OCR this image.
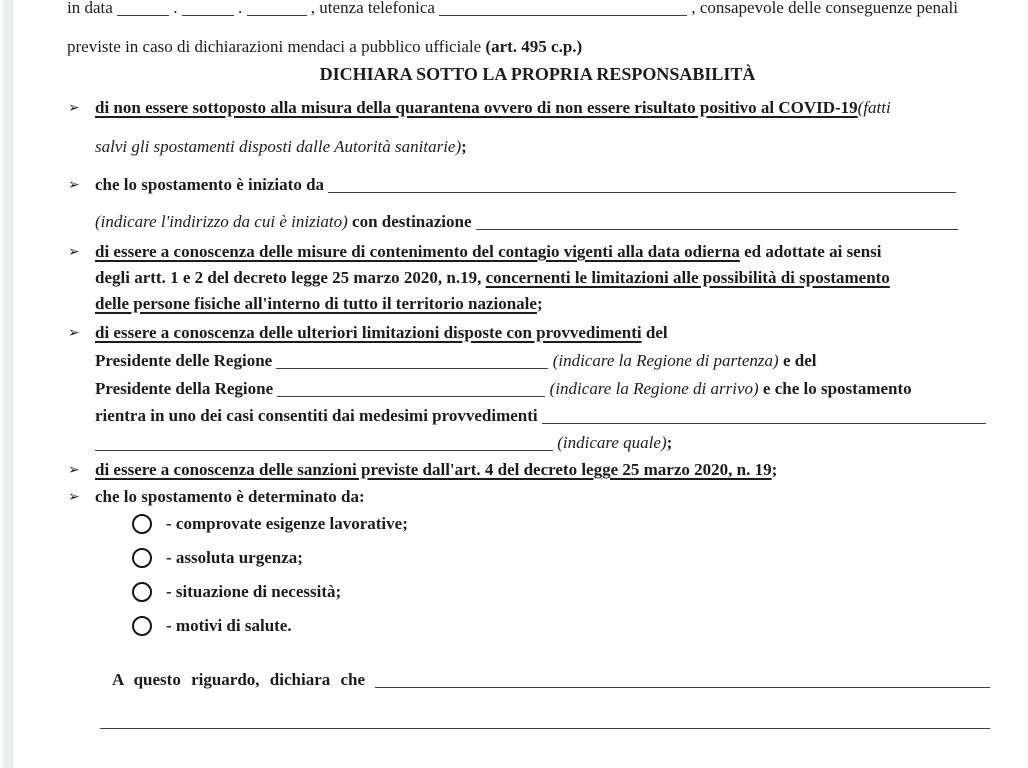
in data	.	.	, utenza telefonica	, consapevole delle conseguenze penali
previste in caso di dichiarazioni mendaci a pubblico ufficiale (art. 495 c.p.)
DICHIARA SOTTO LA PROPRIA RESPONSABILITÀ
➢ di non essere sottoposto alla misura della quarantena ovvero di non essere risultato positivo al COVID-19 (fatti
salvi gli spostamenti disposti dalle Autorità sanitarie) ;
➢ che lo spostamento è iniziato da
(indicare l'indirizzo da cui è iniziato) con destinazione
➢ di essere a conoscenza delle misure di contenimento del contagio vigenti alla data odierna ed adottate ai sensi
degli artt. 1 e 2 del decreto legge 25 marzo 2020, n.19, concernenti le limitazioni alle possibilità di spostamento
delle persone fisiche all'interno di tutto il territorio nazionale ;
➢ di essere a conoscenza delle ulteriori limitazioni disposte con provvedimenti del
Presidente delle Regione	(indicare la Regione di partenza) e del
Presidente della Regione	(indicare la Regione di arrivo) e che lo spostamento
rientra in uno dei casi consentiti dai medesimi provvedimenti
(indicare quale) ;
➢ di essere a conoscenza delle sanzioni previste dall'art. 4 del decreto legge 25 marzo 2020, n. 19 ;
➢ che lo spostamento è determinato da:
- comprovate esigenze lavorative;
- assoluta urgenza;
- situazione di necessità;
- motivi di salute.
A questo riguardo, dichiara che
